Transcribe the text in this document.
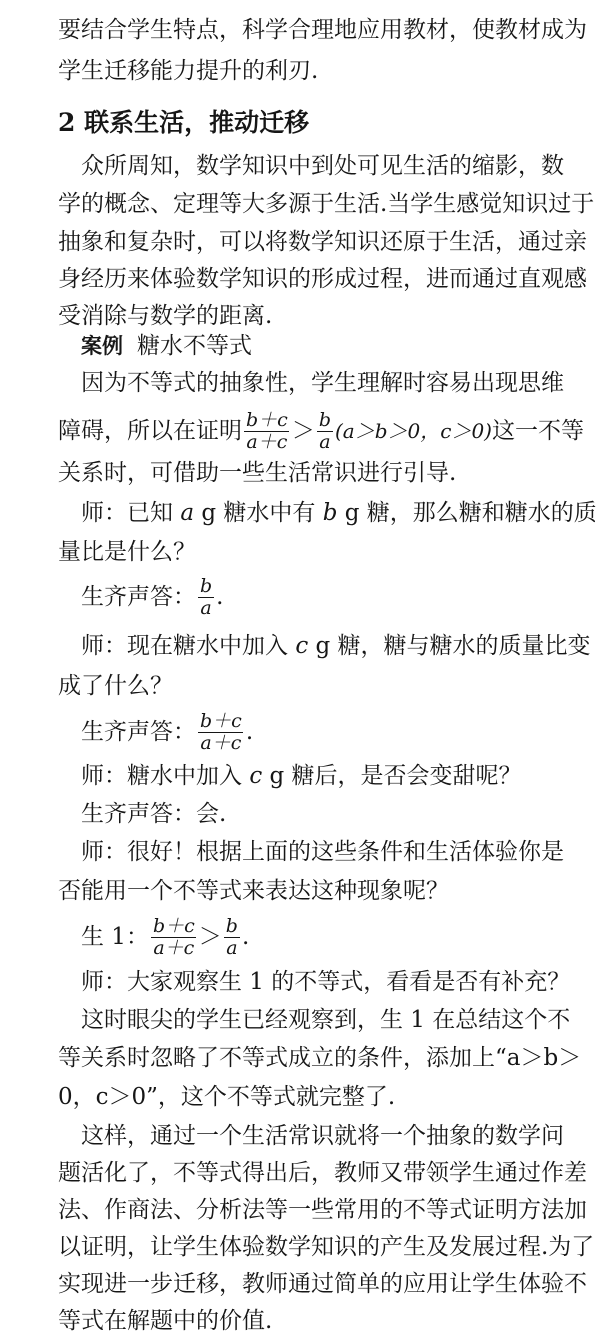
要结合学生特点，科学合理地应用教材，使教材成为
学生迁移能力提升的利刃.
2 联系生活，推动迁移
众所周知，数学知识中到处可见生活的缩影，数
学的概念、定理等大多源于生活.当学生感觉知识过于
抽象和复杂时，可以将数学知识还原于生活，通过亲
身经历来体验数学知识的形成过程，进而通过直观感
受消除与数学的距离.
案例 糖水不等式
因为不等式的抽象性，学生理解时容易出现思维
障碍，所以在证明 $\frac{b+c}{a+c} > \frac{b}{a} (a>b>0$，c＞0)这一不等
关系时，可借助一些生活常识进行引导.
师：已知 a g 糖水中有 b g 糖，那么糖和糖水的质
量比是什么？
生齐声答： $\frac{b}{a}$ .
师：现在糖水中加入 c g 糖，糖与糖水的质量比变
成了什么？
生齐声答： $\frac{b+c}{a+c}$ .
师：糖水中加入 c g 糖后，是否会变甜呢？
生齐声答：会.
师：很好！根据上面的这些条件和生活体验你是
否能用一个不等式来表达这种现象呢？
生 1： $\frac{b+c}{a+c} > \frac{b}{a}$ .
师：大家观察生 1 的不等式，看看是否有补充？
这时眼尖的学生已经观察到，生 1 在总结这个不
等关系时忽略了不等式成立的条件，添加上“a＞b＞
0，c＞0”，这个不等式就完整了.
这样，通过一个生活常识就将一个抽象的数学问
题活化了，不等式得出后，教师又带领学生通过作差
法、作商法、分析法等一些常用的不等式证明方法加
以证明，让学生体验数学知识的产生及发展过程.为了
实现进一步迁移，教师通过简单的应用让学生体验不
等式在解题中的价值.
